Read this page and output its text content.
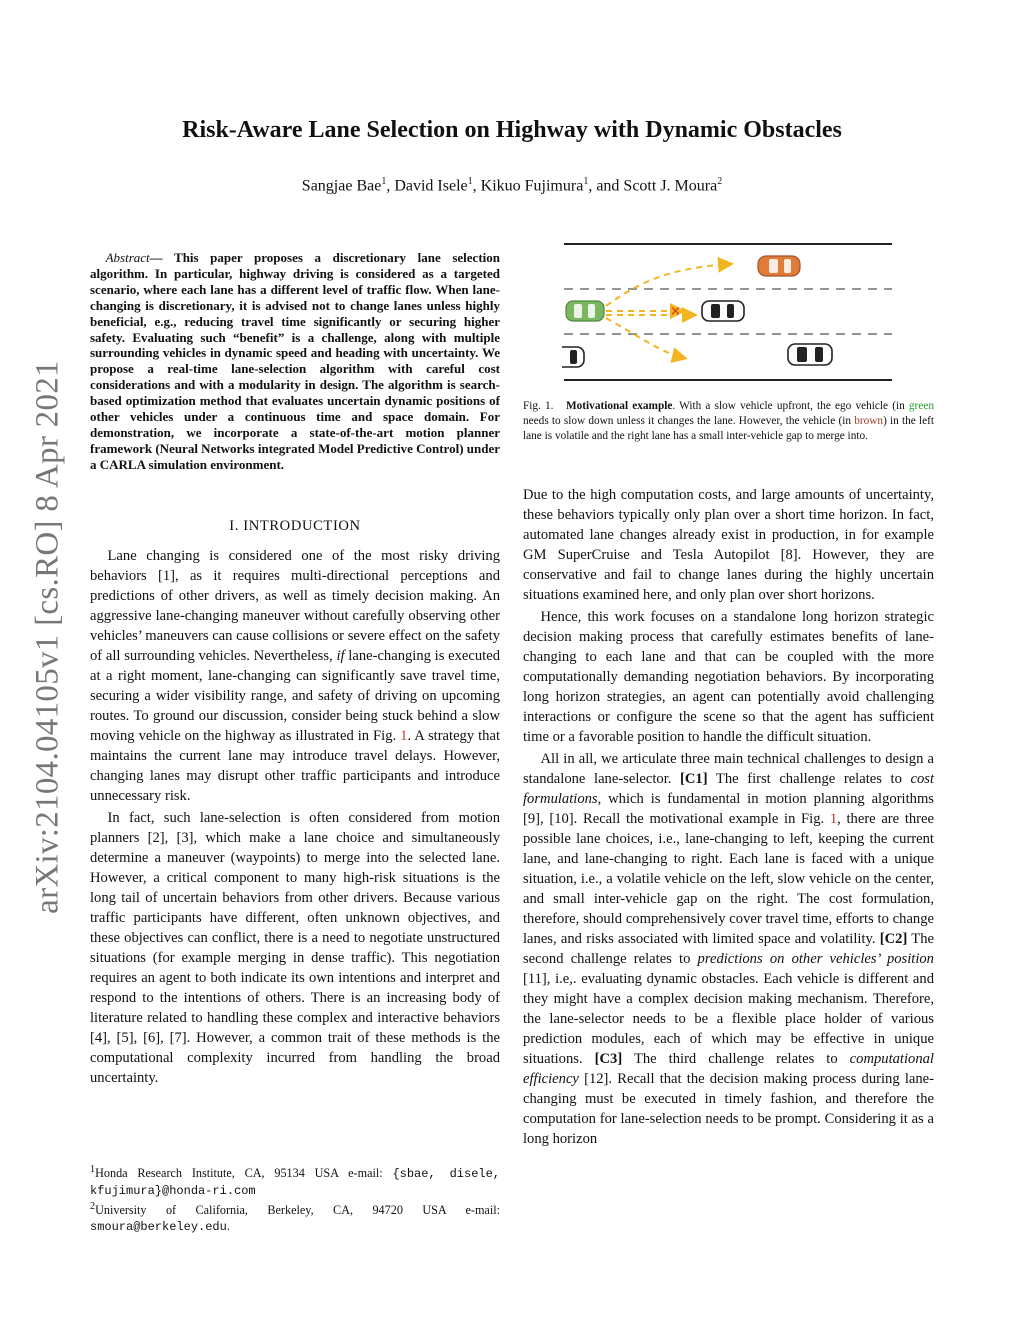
arXiv:2104.04105v1 [cs.RO] 8 Apr 2021
Risk-Aware Lane Selection on Highway with Dynamic Obstacles
Sangjae Bae$^1$, David Isele$^1$, Kikuo Fujimura$^1$, and Scott J. Moura$^2$
Abstract— This paper proposes a discretionary lane selection algorithm. In particular, highway driving is considered as a targeted scenario, where each lane has a different level of traffic flow. When lane-changing is discretionary, it is advised not to change lanes unless highly beneficial, e.g., reducing travel time significantly or securing higher safety. Evaluating such “benefit” is a challenge, along with multiple surrounding vehicles in dynamic speed and heading with uncertainty. We propose a real-time lane-selection algorithm with careful cost considerations and with a modularity in design. The algorithm is search-based optimization method that evaluates uncertain dynamic positions of other vehicles under a continuous time and space domain. For demonstration, we incorporate a state-of-the-art motion planner framework (Neural Networks integrated Model Predictive Control) under a CARLA simulation environment.
I. INTRODUCTION

Lane changing is considered one of the most risky driving behaviors [1], as it requires multi-directional perceptions and predictions of other drivers, as well as timely decision making. An aggressive lane-changing maneuver without carefully observing other vehicles’ maneuvers can cause collisions or severe effect on the safety of all surrounding vehicles. Nevertheless, if lane-changing is executed at a right moment, lane-changing can significantly save travel time, securing a wider visibility range, and safety of driving on upcoming routes. To ground our discussion, consider being stuck behind a slow moving vehicle on the highway as illustrated in Fig. 1. A strategy that maintains the current lane may introduce travel delays. However, changing lanes may disrupt other traffic participants and introduce unnecessary risk.

In fact, such lane-selection is often considered from motion planners [2], [3], which make a lane choice and simultaneously determine a maneuver (waypoints) to merge into the selected lane. However, a critical component to many high-risk situations is the long tail of uncertain behaviors from other drivers. Because various traffic participants have different, often unknown objectives, and these objectives can conflict, there is a need to negotiate unstructured situations (for example merging in dense traffic). This negotiation requires an agent to both indicate its own intentions and interpret and respond to the intentions of others. There is an increasing body of literature related to handling these complex and interactive behaviors [4], [5], [6], [7]. However, a common trait of these methods is the computational complexity incurred from handling the broad uncertainty.

$^1$Honda Research Institute, CA, 95134 USA e-mail: {sbae, disele, kfujimura}@honda-ri.com
$^2$University of California, Berkeley, CA, 94720 USA e-mail: smoura@berkeley.edu.
×
Fig. 1. Motivational example. With a slow vehicle upfront, the ego vehicle (in green needs to slow down unless it changes the lane. However, the vehicle (in brown) in the left lane is volatile and the right lane has a small inter-vehicle gap to merge into.

Due to the high computation costs, and large amounts of uncertainty, these behaviors typically only plan over a short time horizon. In fact, automated lane changes already exist in production, in for example GM SuperCruise and Tesla Autopilot [8]. However, they are conservative and fail to change lanes during the highly uncertain situations examined here, and only plan over short horizons.

Hence, this work focuses on a standalone long horizon strategic decision making process that carefully estimates benefits of lane-changing to each lane and that can be coupled with the more computationally demanding negotiation behaviors. By incorporating long horizon strategies, an agent can potentially avoid challenging interactions or configure the scene so that the agent has sufficient time or a favorable position to handle the difficult situation.

All in all, we articulate three main technical challenges to design a standalone lane-selector. [C1] The first challenge relates to cost formulations, which is fundamental in motion planning algorithms [9], [10]. Recall the motivational example in Fig. 1, there are three possible lane choices, i.e., lane-changing to left, keeping the current lane, and lane-changing to right. Each lane is faced with a unique situation, i.e., a volatile vehicle on the left, slow vehicle on the center, and small inter-vehicle gap on the right. The cost formulation, therefore, should comprehensively cover travel time, efforts to change lanes, and risks associated with limited space and volatility. [C2] The second challenge relates to predictions on other vehicles’ position [11], i.e,. evaluating dynamic obstacles. Each vehicle is different and they might have a complex decision making mechanism. Therefore, the lane-selector needs to be a flexible place holder of various prediction modules, each of which may be effective in unique situations. [C3] The third challenge relates to computational efficiency [12]. Recall that the decision making process during lane-changing must be executed in timely fashion, and therefore the computation for lane-selection needs to be prompt. Considering it as a long horizon
